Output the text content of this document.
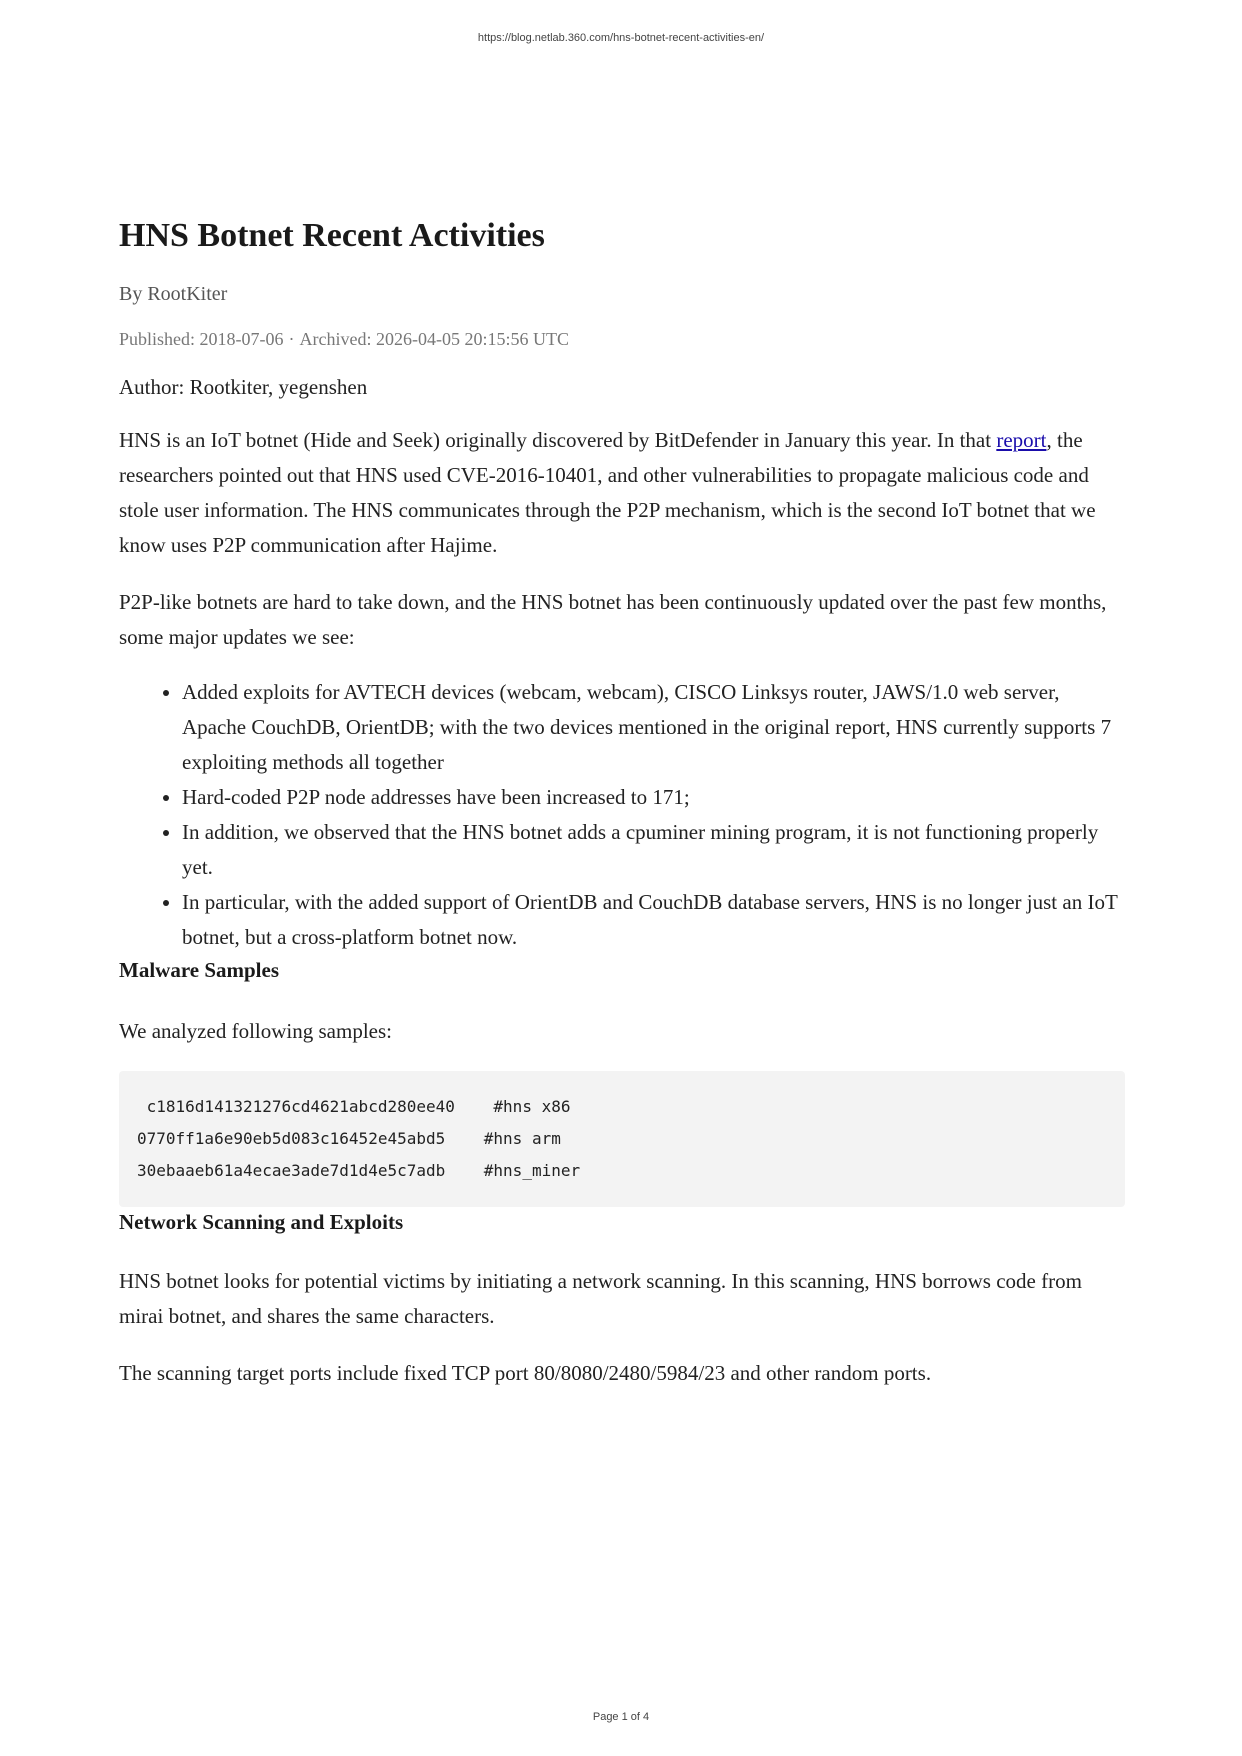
https://blog.netlab.360.com/hns-botnet-recent-activities-en/
HNS Botnet Recent Activities
By RootKiter
Published: 2018-07-06 · Archived: 2026-04-05 20:15:56 UTC

Author: Rootkiter, yegenshen

HNS is an IoT botnet (Hide and Seek) originally discovered by BitDefender in January this year. In that report, the researchers pointed out that HNS used CVE-2016-10401, and other vulnerabilities to propagate malicious code and stole user information. The HNS communicates through the P2P mechanism, which is the second IoT botnet that we know uses P2P communication after Hajime.

P2P-like botnets are hard to take down, and the HNS botnet has been continuously updated over the past few months, some major updates we see:

• Added exploits for AVTECH devices (webcam, webcam), CISCO Linksys router, JAWS/1.0 web server, Apache CouchDB, OrientDB; with the two devices mentioned in the original report, HNS currently supports 7 exploiting methods all together
• Hard-coded P2P node addresses have been increased to 171;
• In addition, we observed that the HNS botnet adds a cpuminer mining program, it is not functioning properly yet.
• In particular, with the added support of OrientDB and CouchDB database servers, HNS is no longer just an IoT botnet, but a cross-platform botnet now.
Malware Samples

We analyzed following samples:

c1816d141321276cd4621abcd280ee40    #hns x86
0770ff1a6e90eb5d083c16452e45abd5    #hns arm
30ebaaeb61a4ecae3ade7d1d4e5c7adb    #hns_miner
Network Scanning and Exploits

HNS botnet looks for potential victims by initiating a network scanning. In this scanning, HNS borrows code from mirai botnet, and shares the same characters.

The scanning target ports include fixed TCP port 80/8080/2480/5984/23 and other random ports.

Page 1 of 4
